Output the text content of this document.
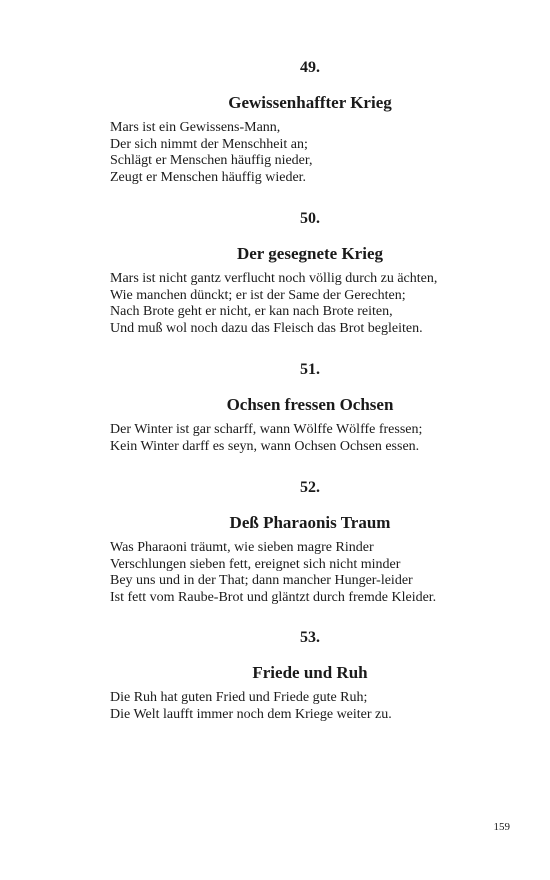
49.

Gewissenhaffter Krieg
Mars ist ein Gewissens-Mann,
Der sich nimmt der Menschheit an;
Schlägt er Menschen häuffig nieder,
Zeugt er Menschen häuffig wieder.

50.

Der gesegnete Krieg
Mars ist nicht gantz verflucht noch völlig durch zu ächten,
Wie manchen dünckt; er ist der Same der Gerechten;
Nach Brote geht er nicht, er kan nach Brote reiten,
Und muß wol noch dazu das Fleisch das Brot begleiten.

51.

Ochsen fressen Ochsen
Der Winter ist gar scharff, wann Wölffe Wölffe fressen;
Kein Winter darff es seyn, wann Ochsen Ochsen essen.

52.

Deß Pharaonis Traum
Was Pharaoni träumt, wie sieben magre Rinder
Verschlungen sieben fett, ereignet sich nicht minder
Bey uns und in der That; dann mancher Hunger-leider
Ist fett vom Raube-Brot und gläntzt durch fremde Kleider.

53.

Friede und Ruh
Die Ruh hat guten Fried und Friede gute Ruh;
Die Welt laufft immer noch dem Kriege weiter zu.
159
